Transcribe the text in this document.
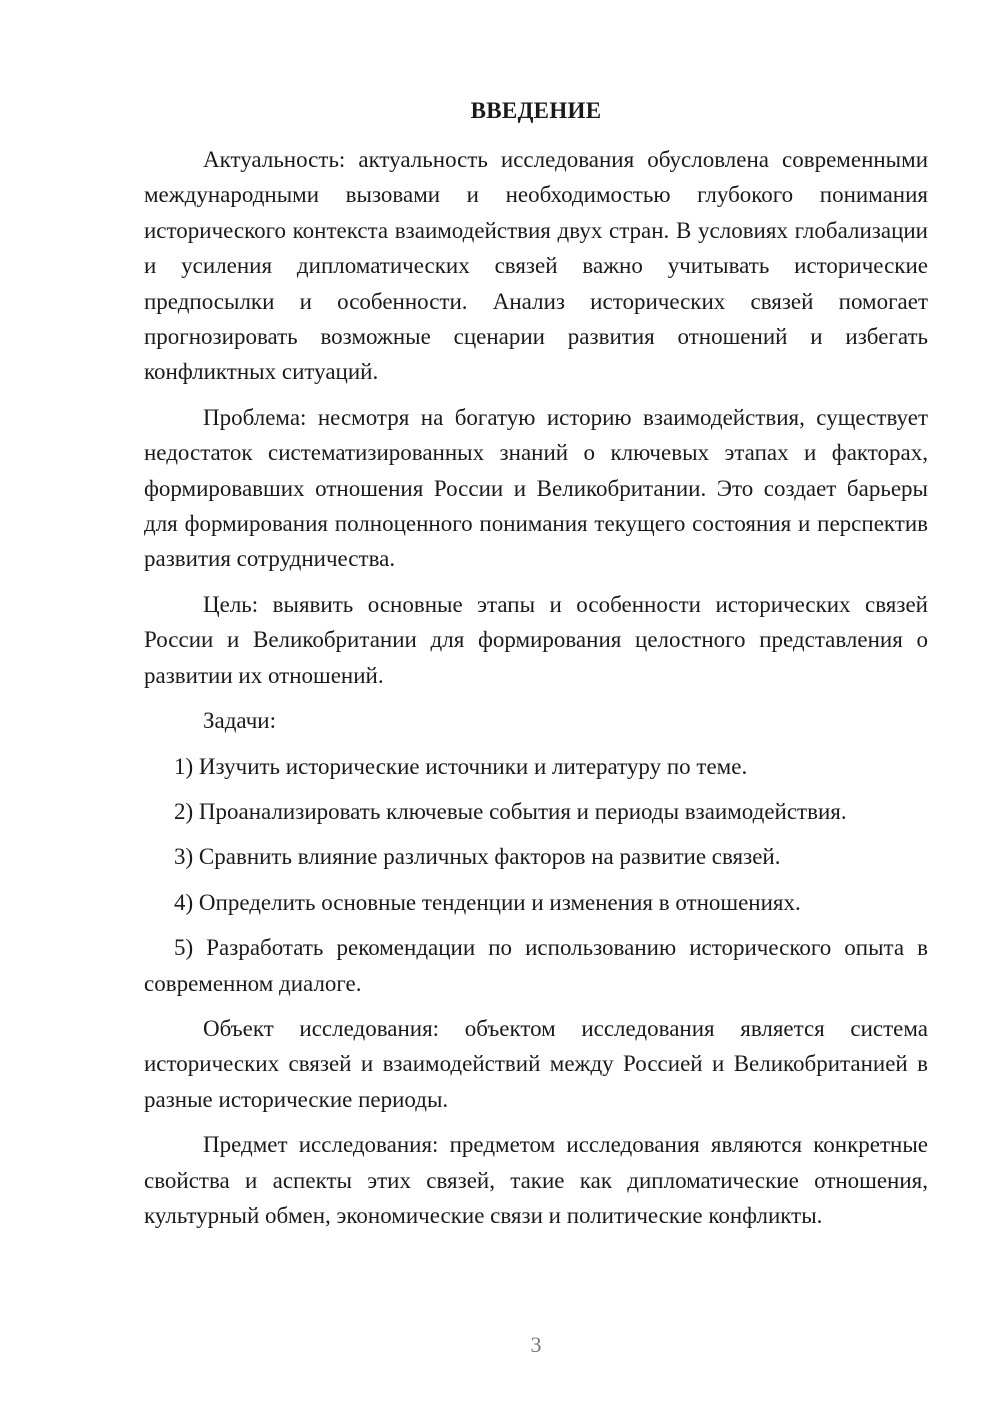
ВВЕДЕНИЕ

Актуальность: актуальность исследования обусловлена современными международными вызовами и необходимостью глубокого понимания исторического контекста взаимодействия двух стран. В условиях глобализации и усиления дипломатических связей важно учитывать исторические предпосылки и особенности. Анализ исторических связей помогает прогнозировать возможные сценарии развития отношений и избегать конфликтных ситуаций.

Проблема: несмотря на богатую историю взаимодействия, существует недостаток систематизированных знаний о ключевых этапах и факторах, формировавших отношения России и Великобритании. Это создает барьеры для формирования полноценного понимания текущего состояния и перспектив развития сотрудничества.

Цель: выявить основные этапы и особенности исторических связей России и Великобритании для формирования целостного представления о развитии их отношений.

Задачи:

1) Изучить исторические источники и литературу по теме.

2) Проанализировать ключевые события и периоды взаимодействия.

3) Сравнить влияние различных факторов на развитие связей.

4) Определить основные тенденции и изменения в отношениях.

5) Разработать рекомендации по использованию исторического опыта в современном диалоге.

Объект исследования: объектом исследования является система исторических связей и взаимодействий между Россией и Великобританией в разные исторические периоды.

Предмет исследования: предметом исследования являются конкретные свойства и аспекты этих связей, такие как дипломатические отношения, культурный обмен, экономические связи и политические конфликты.

3
